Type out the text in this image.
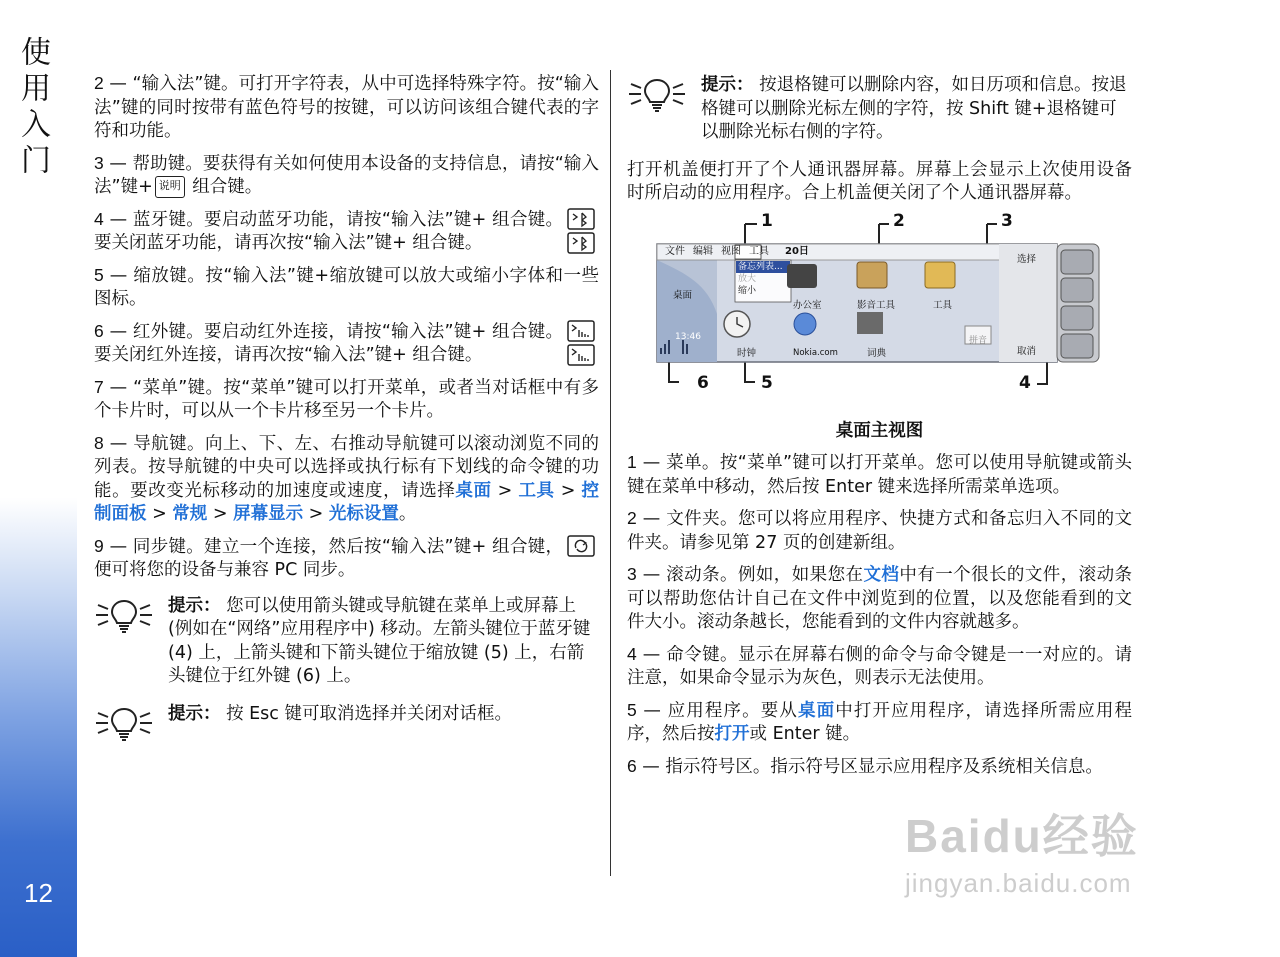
使用入门
12
2 — “输入法”键。可打开字符表，从中可选择特殊字符。按“输入法”键的同时按带有蓝色符号的按键，可以访问该组合键代表的字符和功能。
3 — 帮助键。要获得有关如何使用本设备的支持信息，请按“输入法”键+ 说明 组合键。
4 — 蓝牙键。要启动蓝牙功能，请按“输入法”键+ 组合键。要关闭蓝牙功能，请再次按“输入法”键+ 组合键。
5 — 缩放键。按“输入法”键+缩放键可以放大或缩小字体和一些图标。
6 — 红外键。要启动红外连接，请按“输入法”键+ 组合键。要关闭红外连接，请再次按“输入法”键+ 组合键。
7 — “菜单”键。按“菜单”键可以打开菜单，或者当对话框中有多个卡片时，可以从一个卡片移至另一个卡片。
8 — 导航键。向上、下、左、右推动导航键可以滚动浏览不同的列表。按导航键的中央可以选择或执行标有下划线的命令键的功能。要改变光标移动的加速度或速度，请选择桌面 > 工具 > 控制面板 > 常规 > 屏幕显示 > 光标设置。
9 — 同步键。建立一个连接，然后按“输入法”键+ 组合键，便可将您的设备与兼容 PC 同步。
提示： 您可以使用箭头键或导航键在菜单上或屏幕上 (例如在“网络”应用程序中) 移动。左箭头键位于蓝牙键 (4) 上，上箭头键和下箭头键位于缩放键 (5) 上，右箭头键位于红外键 (6) 上。
提示： 按 Esc 键可取消选择并关闭对话框。
提示： 按退格键可以删除内容，如日历项和信息。按退格键可以删除光标左侧的字符，按 Shift 键+退格键可以删除光标右侧的字符。
打开机盖便打开了个人通讯器屏幕。屏幕上会显示上次使用设备时所启动的应用程序。合上机盖便关闭了个人通讯器屏幕。
1	2	3
4
5
6
文件 编辑 视图 工具 20日
备忘列表...
放大
缩小
桌面
办公室	影音工具	工具
时钟	Nokia.com	词典
13:46
选择
取消
拼音
桌面主视图
1 — 菜单。按“菜单”键可以打开菜单。您可以使用导航键或箭头键在菜单中移动，然后按 Enter 键来选择所需菜单选项。
2 — 文件夹。您可以将应用程序、快捷方式和备忘归入不同的文件夹。请参见第 27 页的创建新组。
3 — 滚动条。例如，如果您在文档中有一个很长的文件，滚动条可以帮助您估计自己在文件中浏览到的位置，以及您能看到的文件大小。滚动条越长，您能看到的文件内容就越多。
4 — 命令键。显示在屏幕右侧的命令与命令键是一一对应的。请注意，如果命令显示为灰色，则表示无法使用。
5 — 应用程序。要从桌面中打开应用程序，请选择所需应用程序，然后按打开或 Enter 键。
6 — 指示符号区。指示符号区显示应用程序及系统相关信息。
Baidu经验
jingyan.baidu.com
